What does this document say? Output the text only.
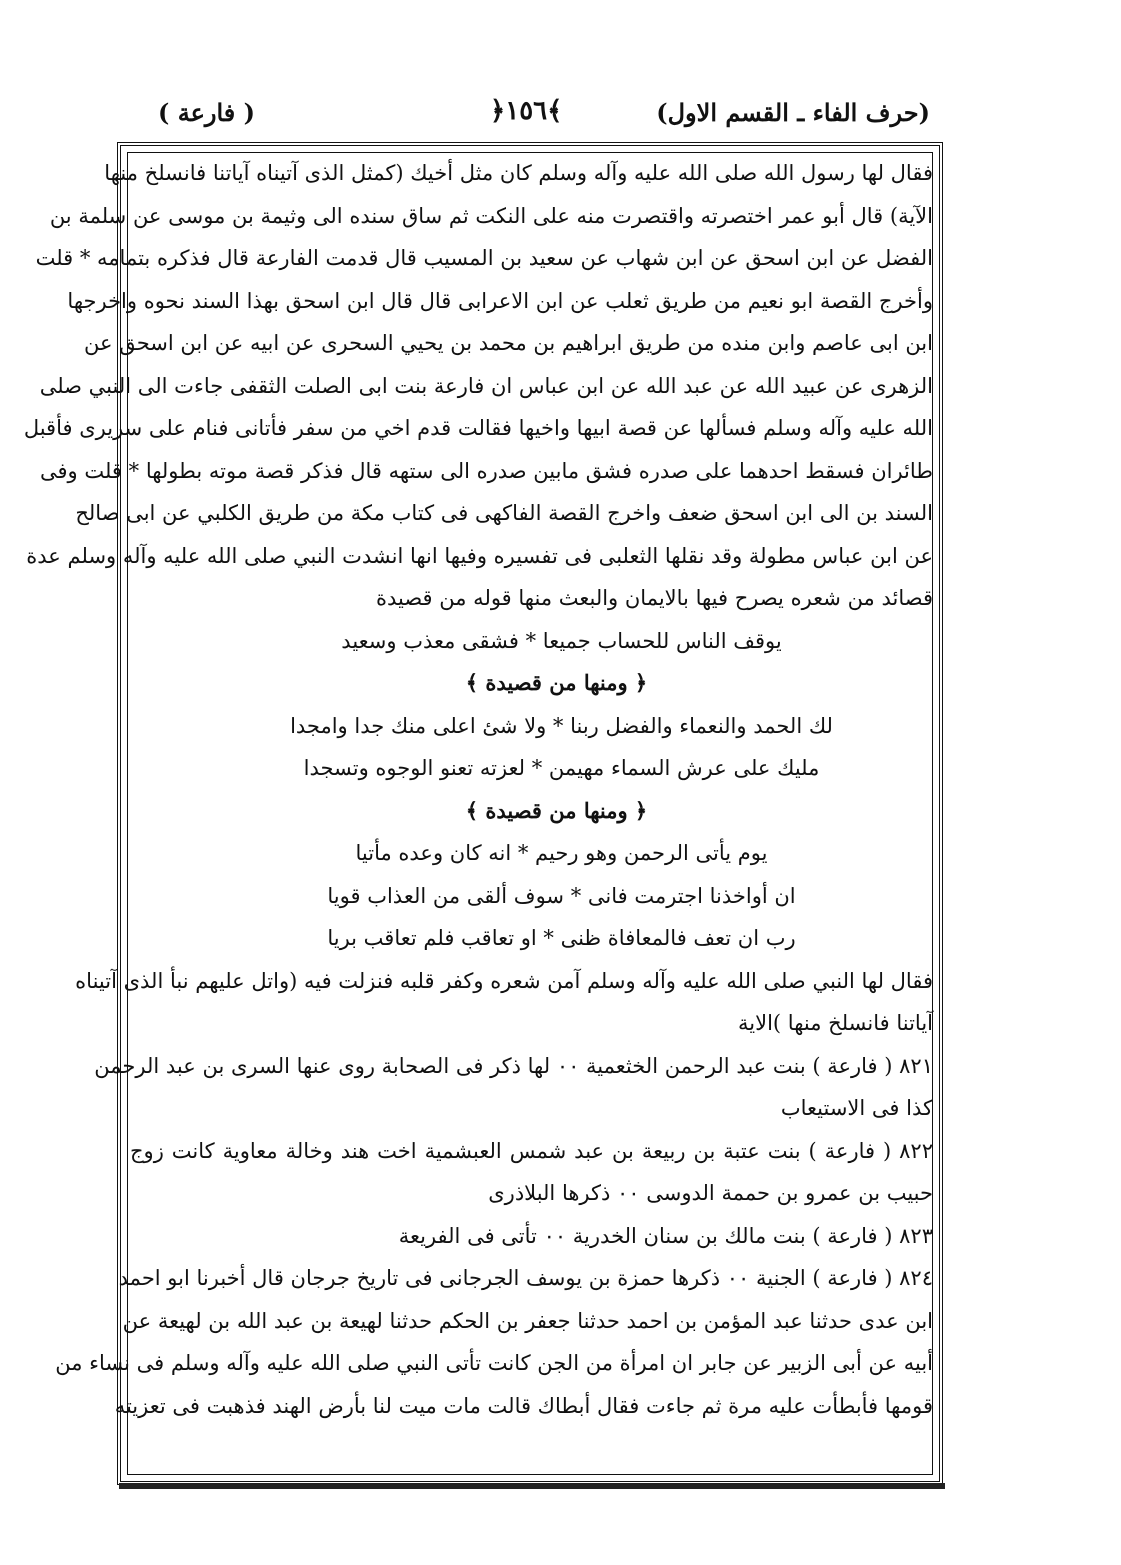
(حرف الفاء ـ القسم الاول)
﴿١٥٦﴾
( فارعة )
فقال لها رسول الله صلى الله عليه وآله وسلم كان مثل أخيك (كمثل الذى آتيناه آياتنا فانسلخ منها
الآية) قال أبو عمر اختصرته واقتصرت منه على النكت ثم ساق سنده الى وثيمة بن موسى عن سلمة بن
الفضل عن ابن اسحق عن ابن شهاب عن سعيد بن المسيب قال قدمت الفارعة قال فذكره بتمامه * قلت
وأخرج القصة ابو نعيم من طريق ثعلب عن ابن الاعرابى قال قال ابن اسحق بهذا السند نحوه واخرجها
ابن ابى عاصم وابن منده من طريق ابراهيم بن محمد بن يحيي السحرى عن ابيه عن ابن اسحق عن
الزهرى عن عبيد الله عن عبد الله عن ابن عباس ان فارعة بنت ابى الصلت الثقفى جاءت الى النبي صلى
الله عليه وآله وسلم فسألها عن قصة ابيها واخيها فقالت قدم اخي من سفر فأتانى فنام على سريرى فأقبل
طائران فسقط احدهما على صدره فشق مابين صدره الى ستهه قال فذكر قصة موته بطولها * قلت وفى
السند بن الى ابن اسحق ضعف واخرج القصة الفاكهى فى كتاب مكة من طريق الكلبي عن ابى صالح
عن ابن عباس مطولة وقد نقلها الثعلبى فى تفسيره وفيها انها انشدت النبي صلى الله عليه وآله وسلم عدة
قصائد من شعره يصرح فيها بالايمان والبعث منها قوله من قصيدة
يوقف الناس للحساب جميعا * فشقى معذب وسعيد
﴿ ومنها من قصيدة ﴾
لك الحمد والنعماء والفضل ربنا * ولا شئ اعلى منك جدا وامجدا
مليك على عرش السماء مهيمن * لعزته تعنو الوجوه وتسجدا
﴿ ومنها من قصيدة ﴾
يوم يأتى الرحمن وهو رحيم * انه كان وعده مأتيا
ان أواخذنا اجترمت فانى * سوف ألقى من العذاب قويا
رب ان تعف فالمعافاة ظنى * او تعاقب فلم تعاقب بريا
فقال لها النبي صلى الله عليه وآله وسلم آمن شعره وكفر قلبه فنزلت فيه (واتل عليهم نبأ الذى آتيناه
آياتنا فانسلخ منها )الاية
٨٢١ ( فارعة ) بنت عبد الرحمن الخثعمية ٠٠ لها ذكر فى الصحابة روى عنها السرى بن عبد الرحمن
كذا فى الاستيعاب
٨٢٢ ( فارعة ) بنت عتبة بن ربيعة بن عبد شمس العبشمية اخت هند وخالة معاوية كانت زوج
حبيب بن عمرو بن حممة الدوسى ٠٠ ذكرها البلاذرى
٨٢٣ ( فارعة ) بنت مالك بن سنان الخدرية ٠٠ تأتى فى الفريعة
٨٢٤ ( فارعة ) الجنية ٠٠ ذكرها حمزة بن يوسف الجرجانى فى تاريخ جرجان قال أخبرنا ابو احمد
ابن عدى حدثنا عبد المؤمن بن احمد حدثنا جعفر بن الحكم حدثنا لهيعة بن عبد الله بن لهيعة عن
أبيه عن أبى الزبير عن جابر ان امرأة من الجن كانت تأتى النبي صلى الله عليه وآله وسلم فى نساء من
قومها فأبطأت عليه مرة ثم جاءت فقال أبطاك قالت مات ميت لنا بأرض الهند فذهبت فى تعزيته
